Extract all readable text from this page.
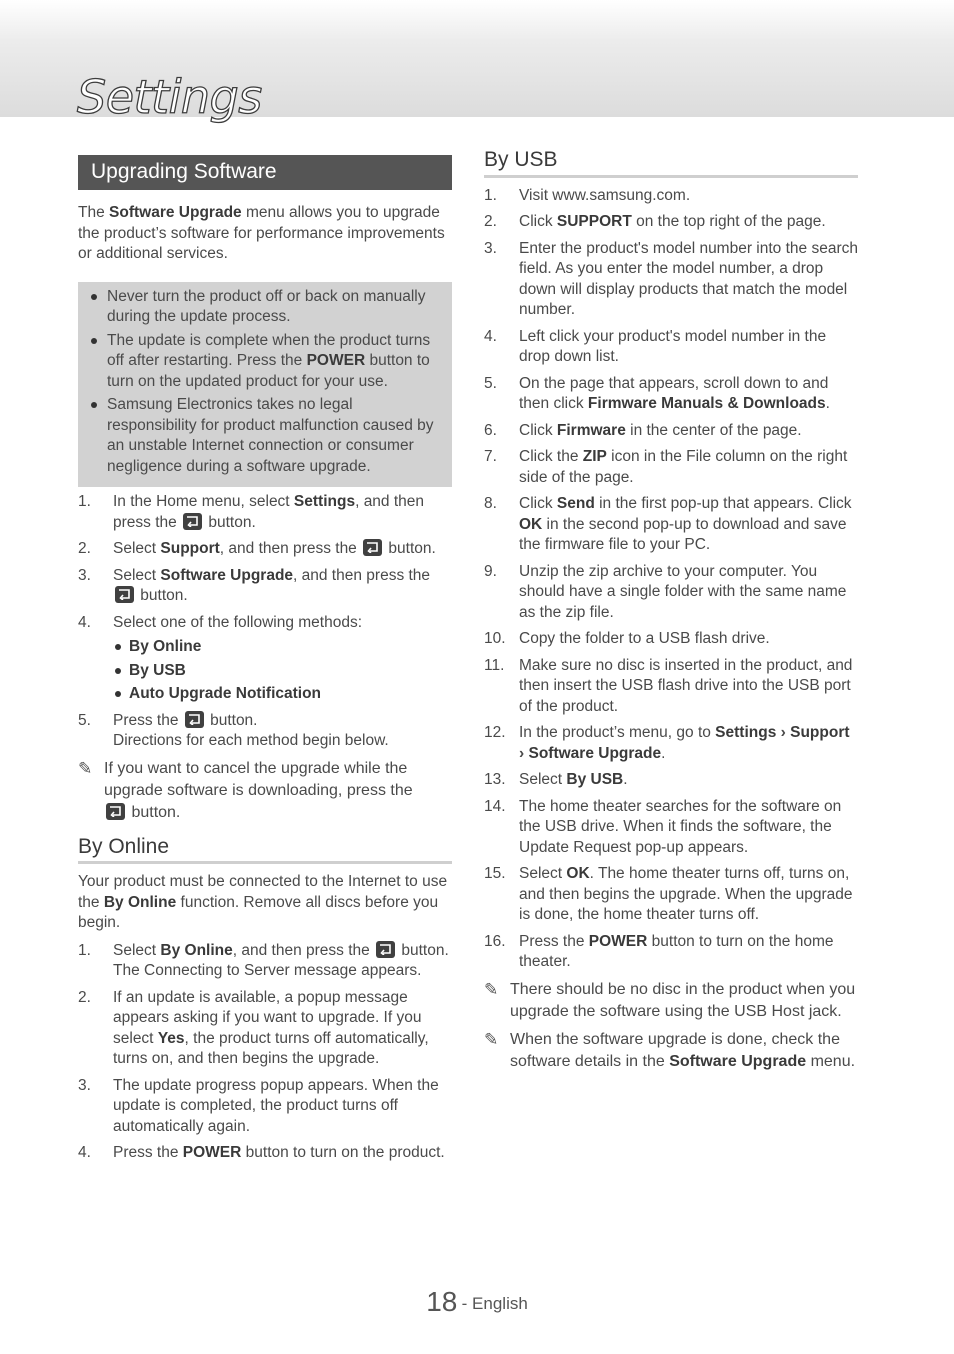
Settings
Upgrading Software

The Software Upgrade menu allows you to upgrade the product’s software for performance improvements or additional services.

Never turn the product off or back on manually during the update process.
The update is complete when the product turns off after restarting. Press the POWER button to turn on the updated product for your use.
Samsung Electronics takes no legal responsibility for product malfunction caused by an unstable Internet connection or consumer negligence during a software upgrade.
1. In the Home menu, select Settings, and then press the
button.
2. Select Support, and then press the
button.
3. Select Software Upgrade, and then press the

button.
4. Select one of the following methods:
By Online
By USB
Auto Upgrade Notification
5. Press the
button.
Directions for each method begin below.
✎ If you want to cancel the upgrade while the upgrade software is downloading, press the

button.
By Online

Your product must be connected to the Internet to use the By Online function. Remove all discs before you begin.

1. Select By Online, and then press the
button. The Connecting to Server message appears.
2. If an update is available, a popup message appears asking if you want to upgrade. If you select Yes, the product turns off automatically, turns on, and then begins the upgrade.
3. The update progress popup appears. When the update is completed, the product turns off automatically again.
4. Press the POWER button to turn on the product.
By USB
1. Visit www.samsung.com.
2. Click SUPPORT on the top right of the page.
3. Enter the product's model number into the search field. As you enter the model number, a drop down will display products that match the model number.
4. Left click your product's model number in the drop down list.
5. On the page that appears, scroll down to and then click Firmware Manuals & Downloads.
6. Click Firmware in the center of the page.
7. Click the ZIP icon in the File column on the right side of the page.
8. Click Send in the first pop-up that appears. Click OK in the second pop-up to download and save the firmware file to your PC.
9. Unzip the zip archive to your computer. You should have a single folder with the same name as the zip file.
10. Copy the folder to a USB flash drive.
11. Make sure no disc is inserted in the product, and then insert the USB flash drive into the USB port of the product.
12. In the product’s menu, go to Settings › Support
› Software Upgrade.
13. Select By USB.
14. The home theater searches for the software on the USB drive. When it finds the software, the Update Request pop-up appears.
15. Select OK. The home theater turns off, turns on, and then begins the upgrade. When the upgrade is done, the home theater turns off.
16. Press the POWER button to turn on the home theater.
✎ There should be no disc in the product when you upgrade the software using the USB Host jack.
✎ When the software upgrade is done, check the software details in the Software Upgrade menu.
18 - English
